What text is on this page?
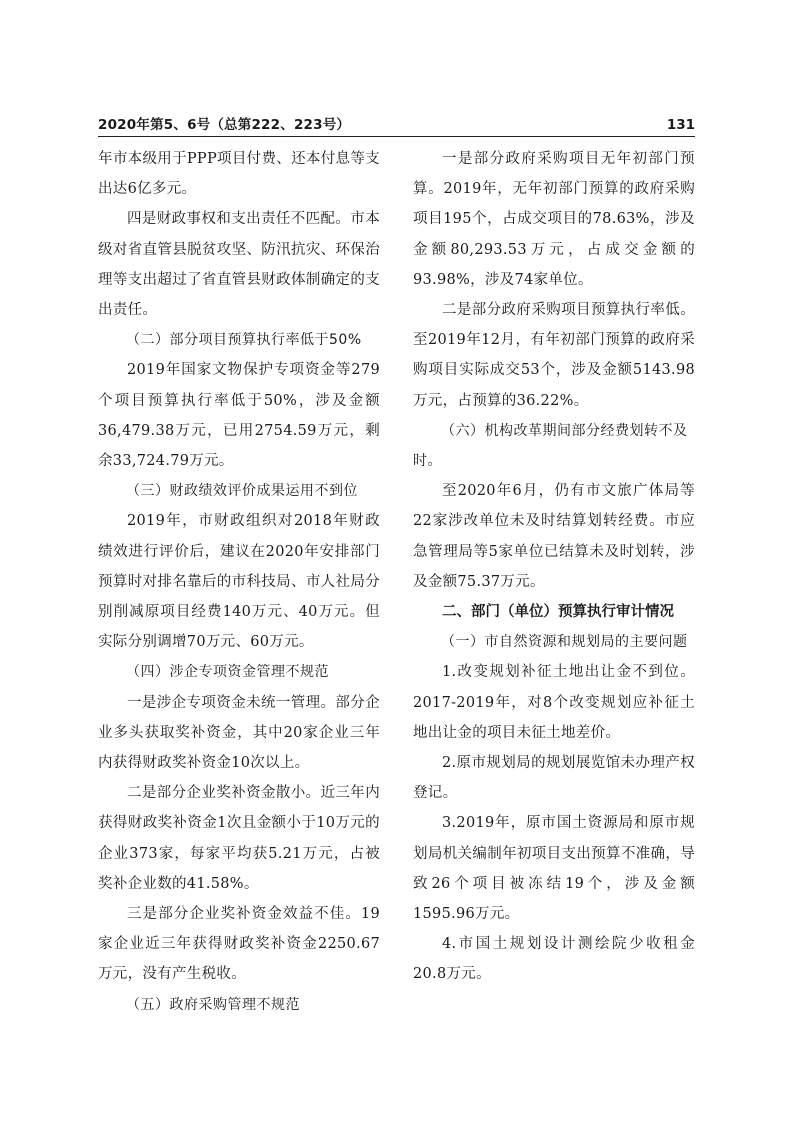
2020年第5、6号（总第222、223号）	131

年市本级用于PPP项目付费、还本付息等支出达6亿多元。

四是财政事权和支出责任不匹配。市本级对省直管县脱贫攻坚、防汛抗灾、环保治理等支出超过了省直管县财政体制确定的支出责任。

（二）部分项目预算执行率低于50%

2019年国家文物保护专项资金等279个项目预算执行率低于50%，涉及金额36,479.38万元，已用2754.59万元，剩余33,724.79万元。

（三）财政绩效评价成果运用不到位

2019年，市财政组织对2018年财政绩效进行评价后，建议在2020年安排部门预算时对排名靠后的市科技局、市人社局分别削减原项目经费140万元、40万元。但实际分别调增70万元、60万元。

（四）涉企专项资金管理不规范

一是涉企专项资金未统一管理。部分企业多头获取奖补资金，其中20家企业三年内获得财政奖补资金10次以上。

二是部分企业奖补资金散小。近三年内获得财政奖补资金1次且金额小于10万元的企业373家，每家平均获5.21万元，占被奖补企业数的41.58%。

三是部分企业奖补资金效益不佳。19家企业近三年获得财政奖补资金2250.67万元，没有产生税收。

（五）政府采购管理不规范

一是部分政府采购项目无年初部门预算。2019年，无年初部门预算的政府采购项目195个，占成交项目的78.63%，涉及金额80,293.53万元，占成交金额的93.98%，涉及74家单位。

二是部分政府采购项目预算执行率低。至2019年12月，有年初部门预算的政府采购项目实际成交53个，涉及金额5143.98万元，占预算的36.22%。

（六）机构改革期间部分经费划转不及时。

至2020年6月，仍有市文旅广体局等22家涉改单位未及时结算划转经费。市应急管理局等5家单位已结算未及时划转，涉及金额75.37万元。

二、部门（单位）预算执行审计情况

（一）市自然资源和规划局的主要问题

1.改变规划补征土地出让金不到位。2017-2019年，对8个改变规划应补征土地出让金的项目未征土地差价。

2.原市规划局的规划展览馆未办理产权登记。

3.2019年，原市国土资源局和原市规划局机关编制年初项目支出预算不准确，导致26个项目被冻结19个，涉及金额1595.96万元。

4.市国土规划设计测绘院少收租金20.8万元。
